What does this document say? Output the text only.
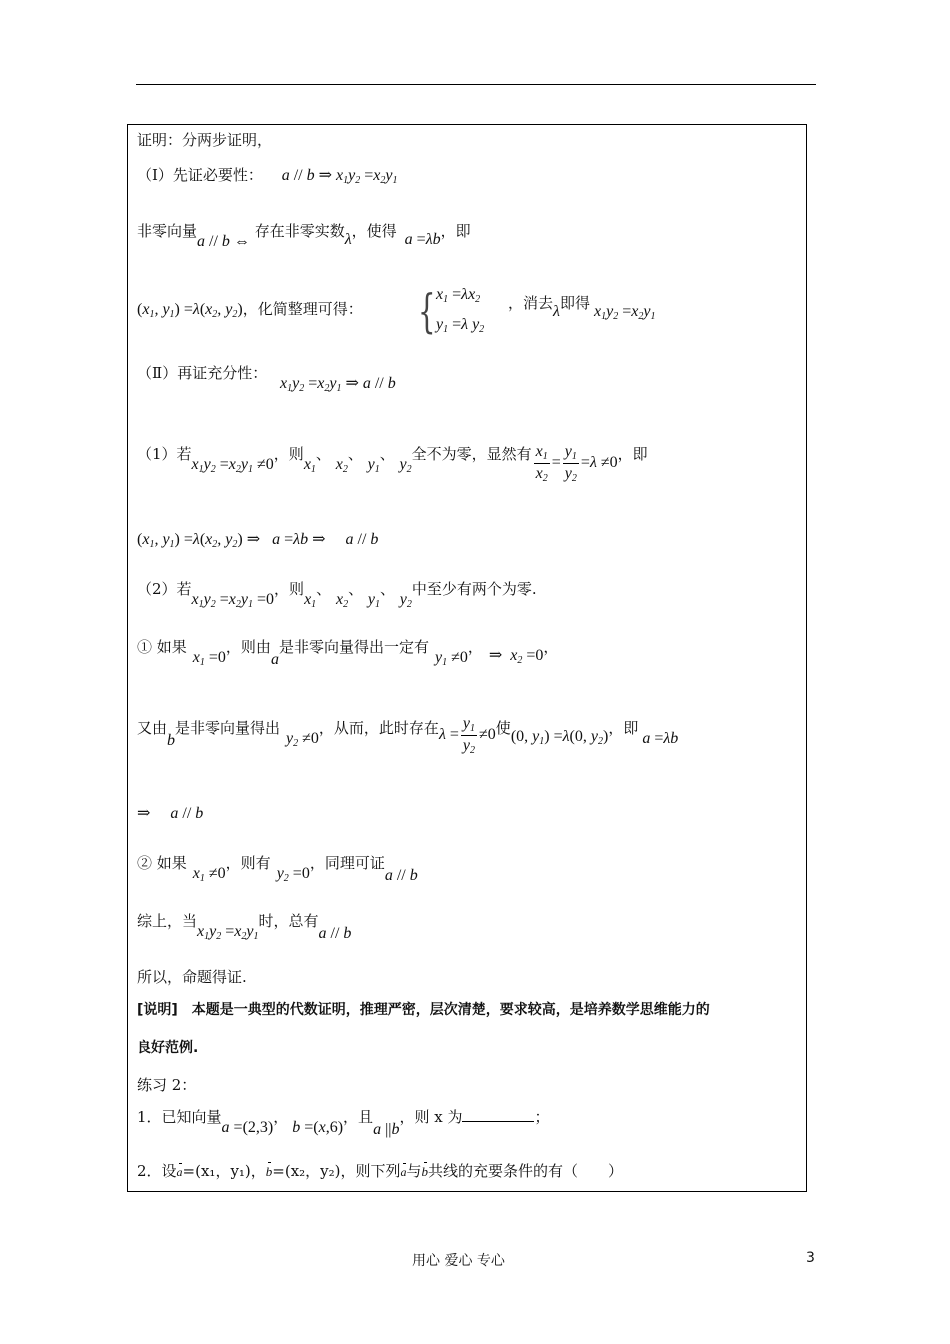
证明：分两步证明，
（Ⅰ）先证必要性： a // b ⇒ $x_1y_2 =x_2y_1$
非零向量a // b ⇔ 存在非零实数λ，使得 a =λb，即
($x_1$, $y_1) =\lambda(x_2$, $y_2$)，化简整理可得： { $x_1 =\lambda x_2$
$y_1 =\lambda$ $y_2$
，消去λ即得 $x_1y_2 =x_2y_1$
（Ⅱ）再证充分性： $x_1y_2 =x_2y_1$ ⇒ a // b
（1）若$x_1y_2 =x_2y_1 \ne 0$，则$x_1$、 $x_2$、 $y_1$、 $y_2$全不为零，显然有 $\frac{x_1}{x_2} = \frac{y_1}{y_2} =\lambda \ne 0$，即
($x_1$, $y_1) =\lambda(x_2$, $y_2$) ⇒   a =λb ⇒     a // b
（2）若$x_1y_2 =x_2y_1 =0$，则$x_1$、 $x_2$、 $y_1$、 $y_2$中至少有两个为零.
① 如果$x_1 =0$，则由a是非零向量得出一定有$y_1 \ne 0$， ⇒  $x_2 =0$，
又由b是非零向量得出$y_2 \ne 0$，从而，此时存在$\lambda = \frac{y_1}{y_2} \ne 0$使(0, $y_1) =\lambda(0$, $y_2$)，即a =λb
⇒     a // b
② 如果$x_1 \ne 0$，则有$y_2 =0$，同理可证a // b
综上，当$x_1y_2 =x_2y_1$时，总有a // b
所以，命题得证.
[说明]　本题是一典型的代数证明，推理严密，层次清楚，要求较高，是培养数学思维能力的
良好范例.
练习 2：
1．已知向量a =(2,3)，b =(x,6)，且a ||b，则 x 为	；
2．设a=(x₁，y₁)，b=(x₂，y₂)，则下列a与b共线的充要条件的有（　　）
用心 爱心 专心	3
